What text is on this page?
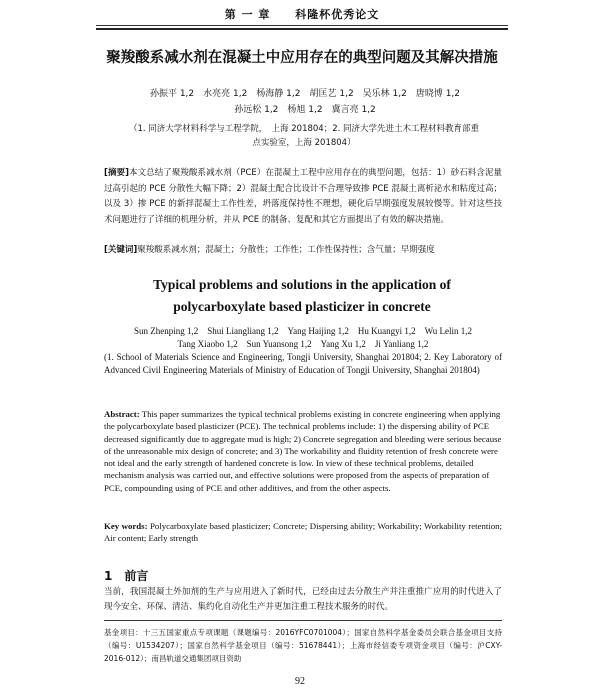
第 一 章 科隆杯优秀论文
聚羧酸系减水剂在混凝土中应用存在的典型问题及其解决措施
孙振平 1,2　水亮亮 1,2　杨海静 1,2　胡匡艺 1,2　吴乐林 1,2　唐晓博 1,2
孙远松 1,2　杨旭 1,2　冀言亮 1,2
（1. 同济大学材料科学与工程学院，　上海 201804；2. 同济大学先进土木工程材料教育部重
点实验室，上海 201804）
[摘要]本文总结了聚羧酸系减水剂（PCE）在混凝土工程中应用存在的典型问题，包括：1）砂石料含泥量过高引起的 PCE 分散性大幅下降；2）混凝土配合比设计不合理导致掺 PCE 混凝土离析泌水和粘度过高；以及 3）掺 PCE 的新拌混凝土工作性差，坍落度保持性不理想，硬化后早期强度发展较慢等。针对这些技术问题进行了详细的机理分析，并从 PCE 的制备、复配和其它方面提出了有效的解决措施。
[关键词]聚羧酸系减水剂；混凝土；分散性；工作性；工作性保持性；含气量；早期强度
Typical problems and solutions in the application of
polycarboxylate based plasticizer in concrete
Sun Zhenping 1,2　Shui Liangliang 1,2　Yang Haijing 1,2　Hu Kuangyi 1,2　Wu Lelin 1,2
Tang Xiaobo 1,2　Sun Yuansong 1,2　Yang Xu 1,2　Ji Yanliang 1,2
(1. School of Materials Science and Engineering, Tongji University, Shanghai 201804; 2. Key Laboratory of Advanced Civil Engineering Materials of Ministry of Education of Tongji University, Shanghai 201804)
Abstract: This paper summarizes the typical technical problems existing in concrete engineering when applying the polycarboxylate based plasticizer (PCE). The technical problems include: 1) the dispersing ability of PCE decreased significantly due to aggregate mud is high; 2) Concrete segregation and bleeding were serious because of the unreasonable mix design of concrete; and 3) The workability and fluidity retention of fresh concrete were not ideal and the early strength of hardened concrete is low. In view of these technical problems, detailed mechanism analysis was carried out, and effective solutions were proposed from the aspects of preparation of PCE, compounding using of PCE and other additives, and from the other aspects.
Key words: Polycarboxylate based plasticizer; Concrete; Dispersing ability; Workability; Workability retention; Air content; Early strength
1　前言
当前，我国混凝土外加剂的生产与应用进入了新时代，已经由过去分散生产并注重推广应用的时代进入了现今安全、环保、清洁、集约化自动化生产并更加注重工程技术服务的时代。
基金项目：十三五国家重点专项课题（课题编号：2016YFC0701004）；国家自然科学基金委员会联合基金项目支持（编号：U1534207）；国家自然科学基金项目（编号：51678441）；上海市经信委专项资金项目（编号：沪CXY-2016-012）；南昌轨道交通集团项目资助
92
